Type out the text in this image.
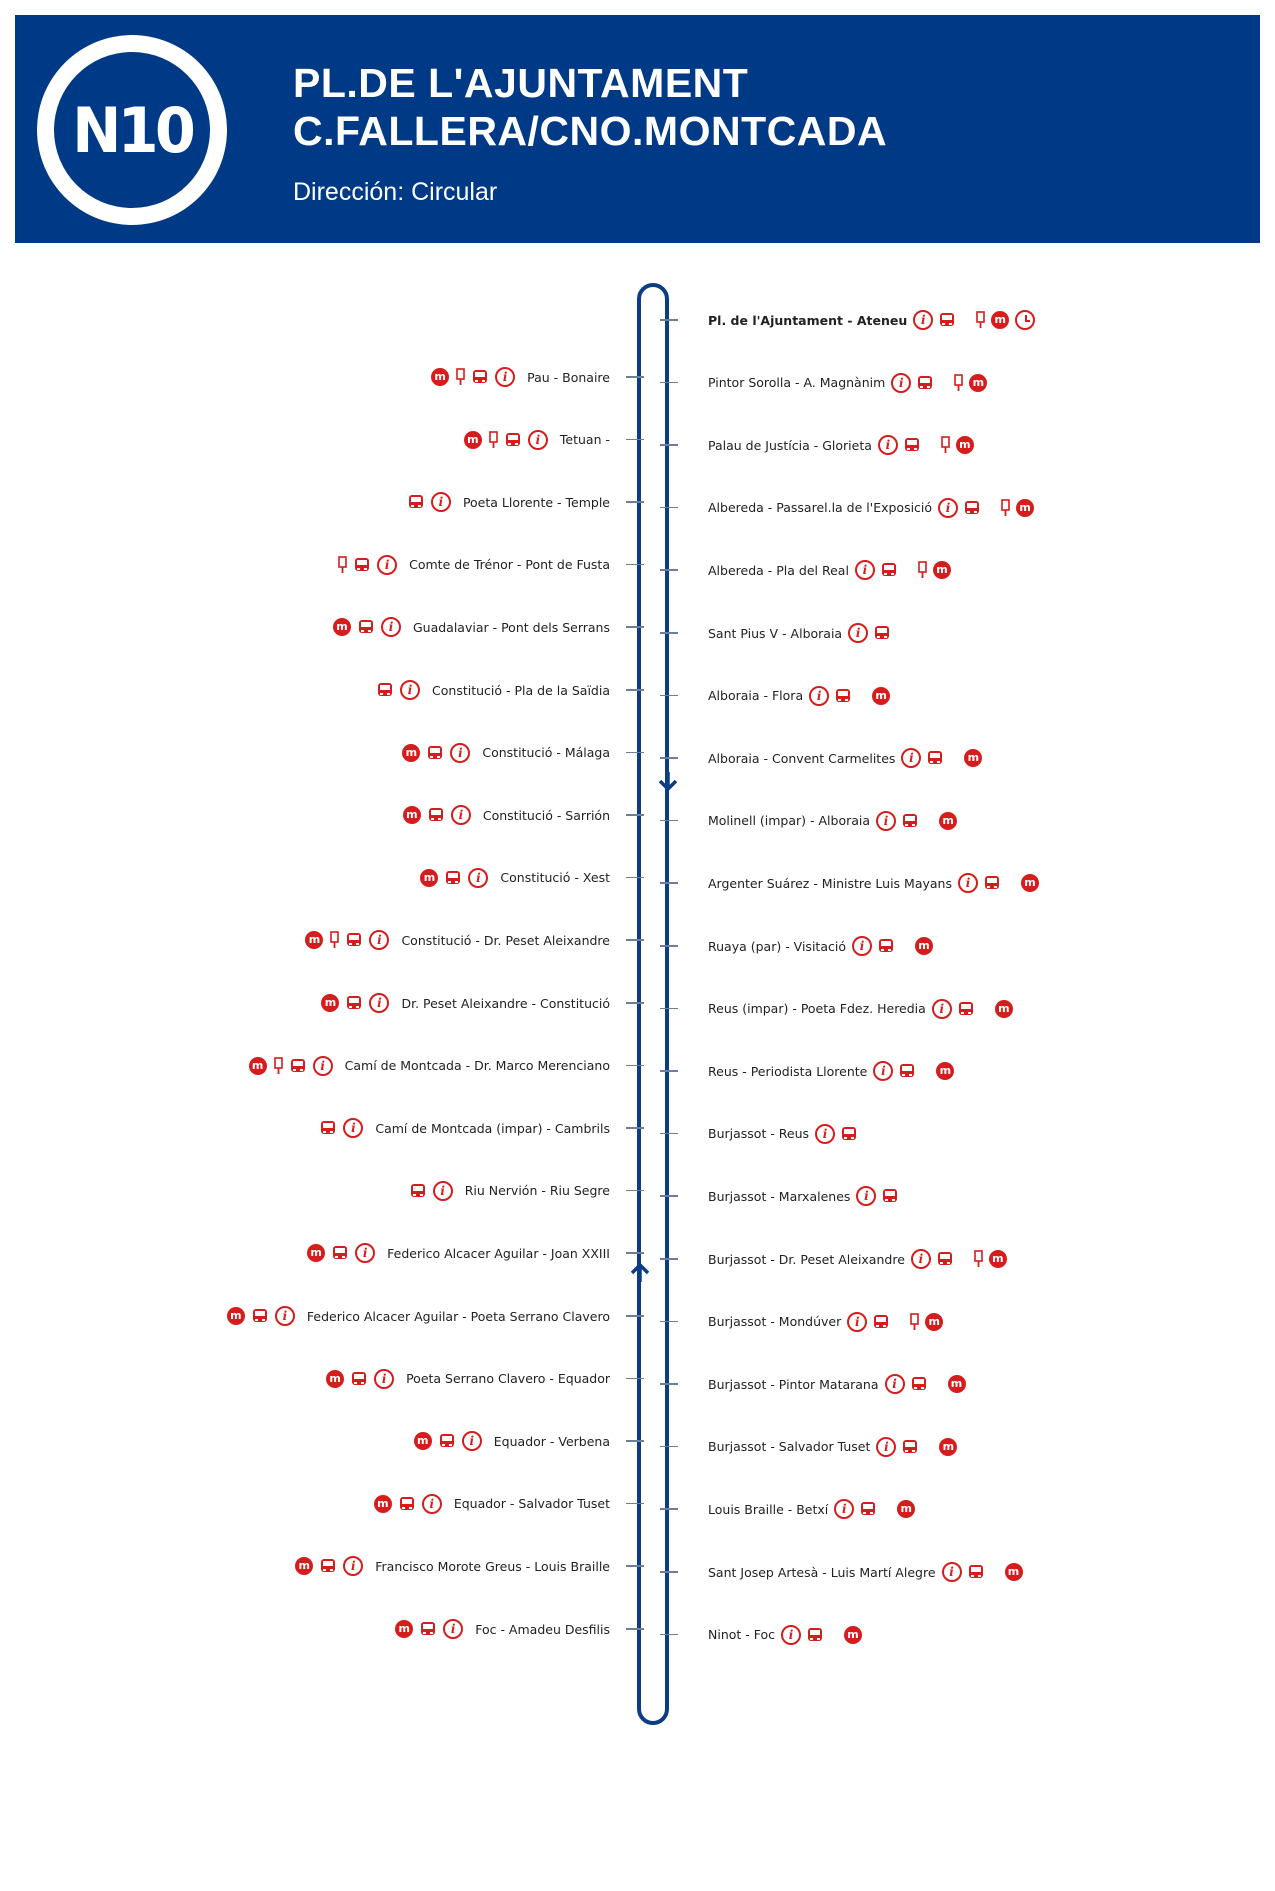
N10
PL.DE L'AJUNTAMENT
C.FALLERA/CNO.MONTCADA
Dirección: Circular
Pl. de l'Ajuntament - Ateneu	i	m
Pintor Sorolla - A. Magnànim	i	m
Palau de Justícia - Glorieta	i	m
Albereda - Passarel.la de l'Exposició	i	m
Albereda - Pla del Real	i	m
Sant Pius V - Alboraia	i
Alboraia - Flora	i	m
Alboraia - Convent Carmelites	i	m
Molinell (impar) - Alboraia	i	m
Argenter Suárez - Ministre Luis Mayans	i	m
Ruaya (par) - Visitació	i	m
Reus (impar) - Poeta Fdez. Heredia	i	m
Reus - Periodista Llorente	i	m
Burjassot - Reus	i
Burjassot - Marxalenes	i
Burjassot - Dr. Peset Aleixandre	i	m
Burjassot - Mondúver	i	m
Burjassot - Pintor Matarana	i	m
Burjassot - Salvador Tuset	i	m
Louis Braille - Betxí	i	m
Sant Josep Artesà - Luis Martí Alegre	i	m
Ninot - Foc	i	m
m	i	Pau - Bonaire
m	i	Tetuan -
i	Poeta Llorente - Temple
i	Comte de Trénor - Pont de Fusta
m	i	Guadalaviar - Pont dels Serrans
i	Constitució - Pla de la Saïdia
m	i	Constitució - Málaga
m	i	Constitució - Sarrión
m	i	Constitució - Xest
m	i	Constitució - Dr. Peset Aleixandre
m	i	Dr. Peset Aleixandre - Constitució
m	i	Camí de Montcada - Dr. Marco Merenciano
i	Camí de Montcada (impar) - Cambrils
i	Riu Nervión - Riu Segre
m	i	Federico Alcacer Aguilar - Joan XXIII
m	i	Federico Alcacer Aguilar - Poeta Serrano Clavero
m	i	Poeta Serrano Clavero - Equador
m	i	Equador - Verbena
m	i	Equador - Salvador Tuset
m	i	Francisco Morote Greus - Louis Braille
m	i	Foc - Amadeu Desfilis
